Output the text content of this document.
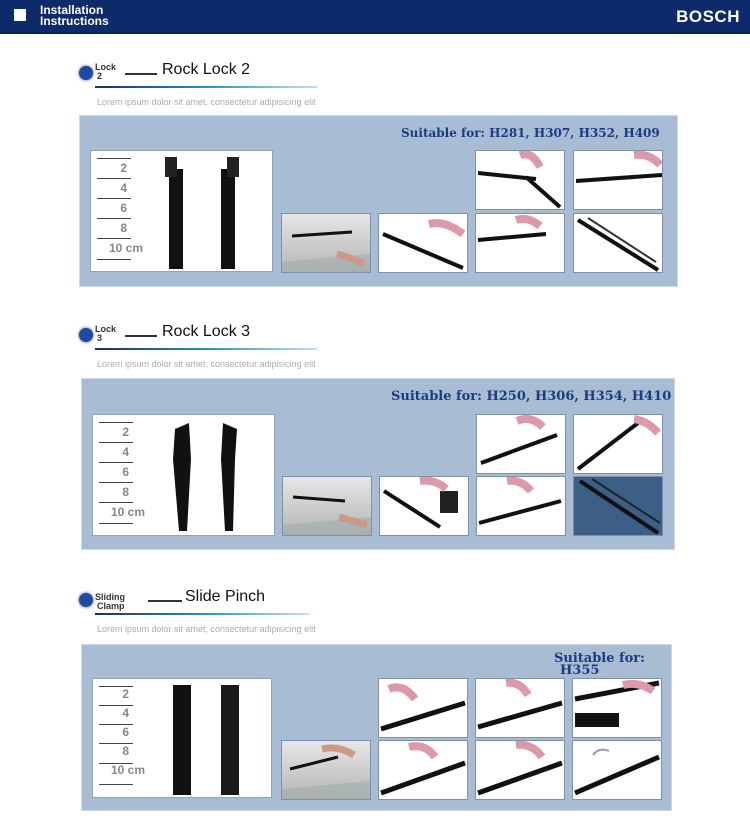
Installation
Instructions	BOSCH
Lock
2	Rock Lock 2
Lorem ipsum dolor sit amet, consectetur adipisicing elit
Suitable for: H281, H307, H352, H409
2
4
6
8
10 cm
Lock
3	Rock Lock 3
Lorem ipsum dolor sit amet, consectetur adipisicing elit
Suitable for: H250, H306, H354, H410
2
4
6
8
10 cm
Sliding
Clamp
Slide Pinch
Lorem ipsum dolor sit amet, consectetur adipisicing elit
Suitable for:
H355
2
4
6
8
10 cm
